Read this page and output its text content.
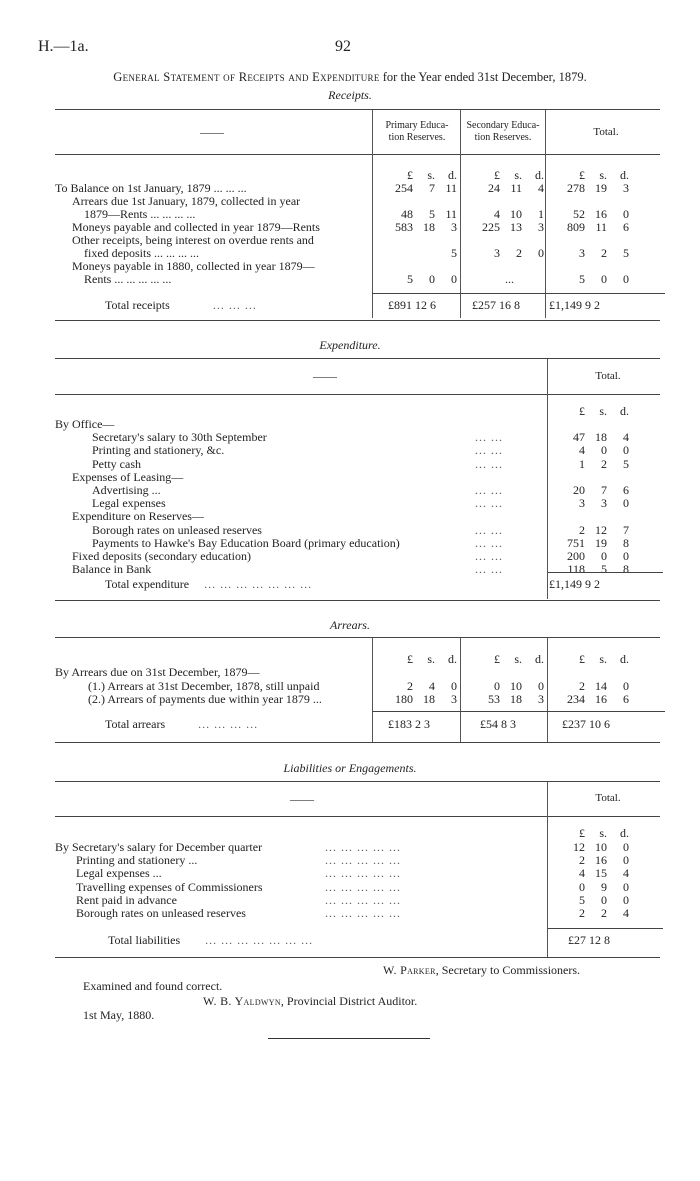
H.—1a.	92
General Statement of Receipts and Expenditure for the Year ended 31st December, 1879.
Receipts.
——	Primary Educa-
tion Reserves.
Secondary Educa-
tion Reserves.	Total.
£ s. d.	£ s. d.	£ s. d.
To Balance on 1st January, 1879 ... ... ...	254 7 11	24 11 4	278 19 3
Arrears due 1st January, 1879, collected in year
1879—Rents ... ... ... ...	48 5 11	4 10 1	52 16 0
Moneys payable and collected in year 1879—Rents	583 18 3	225 13 3	809 11 6
Other receipts, being interest on overdue rents and
fixed deposits ... ... ... ...	5	3 2 0	3 2 5
Moneys payable in 1880, collected in year 1879—
Rents ... ... ... ... ...	5 0 0	...	5 0 0
Total receipts	... ... ...	£891 12 6	£257 16 8 £1,149 9 2
Expenditure.
——	Total.
£ s. d.
By Office—
Secretary's salary to 30th September	... ...	47 18 4
Printing and stationery, &c.	... ...	4 0 0
Petty cash	... ...	1 2 5
Expenses of Leasing—
Advertising ...	... ...	20 7 6
Legal expenses	... ...	3 3 0
Expenditure on Reserves—
Borough rates on unleased reserves	... ...	2 12 7
Payments to Hawke's Bay Education Board (primary education)	... ...	751 19 8
Fixed deposits (secondary education)	... ...	200 0 0
Balance in Bank	... ...	118 5 8
Total expenditure ... ... ... ... ... ... ...	£1,149 9 2
Arrears.
£ s. d.	£ s. d.	£ s. d.
By Arrears due on 31st December, 1879—
(1.) Arrears at 31st December, 1878, still unpaid	2 4 0	0 10 0	2 14 0
(2.) Arrears of payments due within year 1879 ...	180 18 3	53 18 3	234 16 6
Total arrears	... ... ... ...	£183 2 3	£54 8 3	£237 10 6
Liabilities or Engagements.
——	Total.
£ s. d.
By Secretary's salary for December quarter	... ... ... ... ...	12 10 0
Printing and stationery ...	... ... ... ... ...	2 16 0
Legal expenses ...	... ... ... ... ...	4 15 4
Travelling expenses of Commissioners	... ... ... ... ...	0 9 0
Rent paid in advance	... ... ... ... ...	5 0 0
Borough rates on unleased reserves	... ... ... ... ...	2 2 4
Total liabilities ... ... ... ... ... ... ...	£27 12 8
W. Parker, Secretary to Commissioners.
Examined and found correct.
W. B. Yaldwyn, Provincial District Auditor.
1st May, 1880.
